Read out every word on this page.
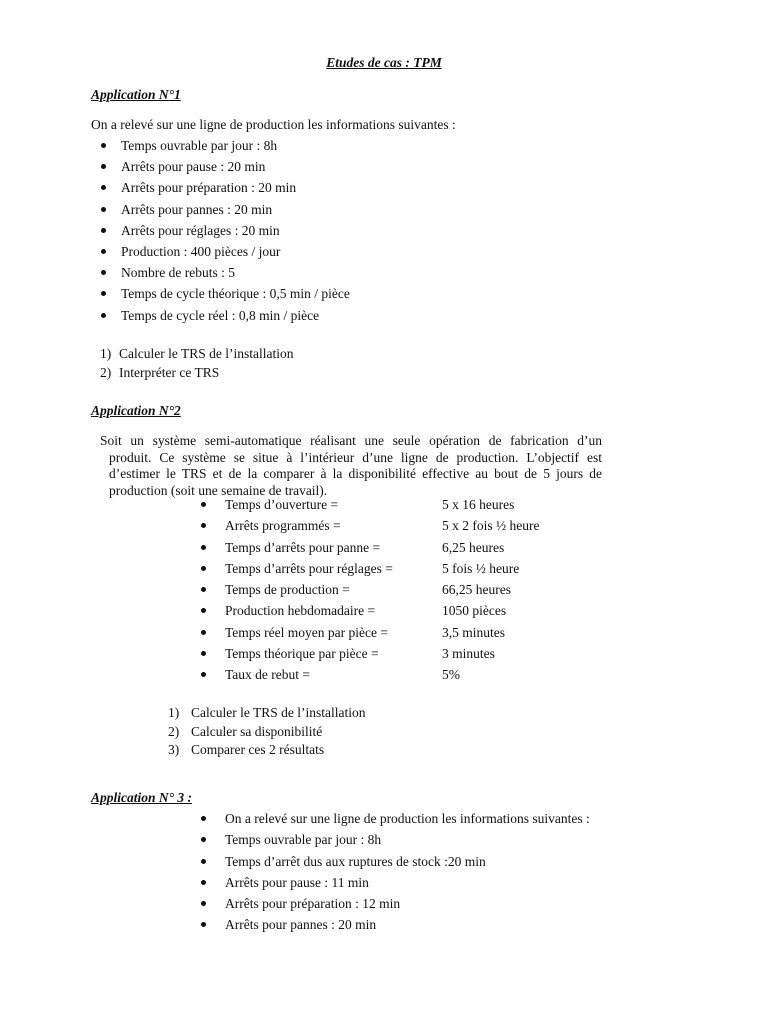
Etudes de cas : TPM
Application N°1
On a relevé sur une ligne de production les informations suivantes :
Temps ouvrable par jour : 8h
Arrêts pour pause : 20 min
Arrêts pour préparation : 20 min
Arrêts pour pannes : 20 min
Arrêts pour réglages : 20 min
Production : 400 pièces / jour
Nombre de rebuts : 5
Temps de cycle théorique : 0,5 min / pièce
Temps de cycle réel : 0,8 min / pièce
1) Calculer le TRS de l’installation
2) Interpréter ce TRS
Application N°2
Soit un système semi-automatique réalisant une seule opération de fabrication d’un
produit. Ce système se situe à l’intérieur d’une ligne de production. L’objectif est
d’estimer le TRS et de la comparer à la disponibilité effective au bout de 5 jours de
production (soit une semaine de travail).
Temps d’ouverture =	5 x 16 heures
Arrêts programmés =	5 x 2 fois ½ heure
Temps d’arrêts pour panne =	6,25 heures
Temps d’arrêts pour réglages =	5 fois ½ heure
Temps de production =	66,25 heures
Production hebdomadaire =	1050 pièces
Temps réel moyen par pièce =	3,5 minutes
Temps théorique par pièce =	3 minutes
Taux de rebut =	5%
1) Calculer le TRS de l’installation
2) Calculer sa disponibilité
3) Comparer ces 2 résultats
Application N° 3 :
On a relevé sur une ligne de production les informations suivantes :
Temps ouvrable par jour : 8h
Temps d’arrêt dus aux ruptures de stock :20 min
Arrêts pour pause : 11 min
Arrêts pour préparation : 12 min
Arrêts pour pannes : 20 min
